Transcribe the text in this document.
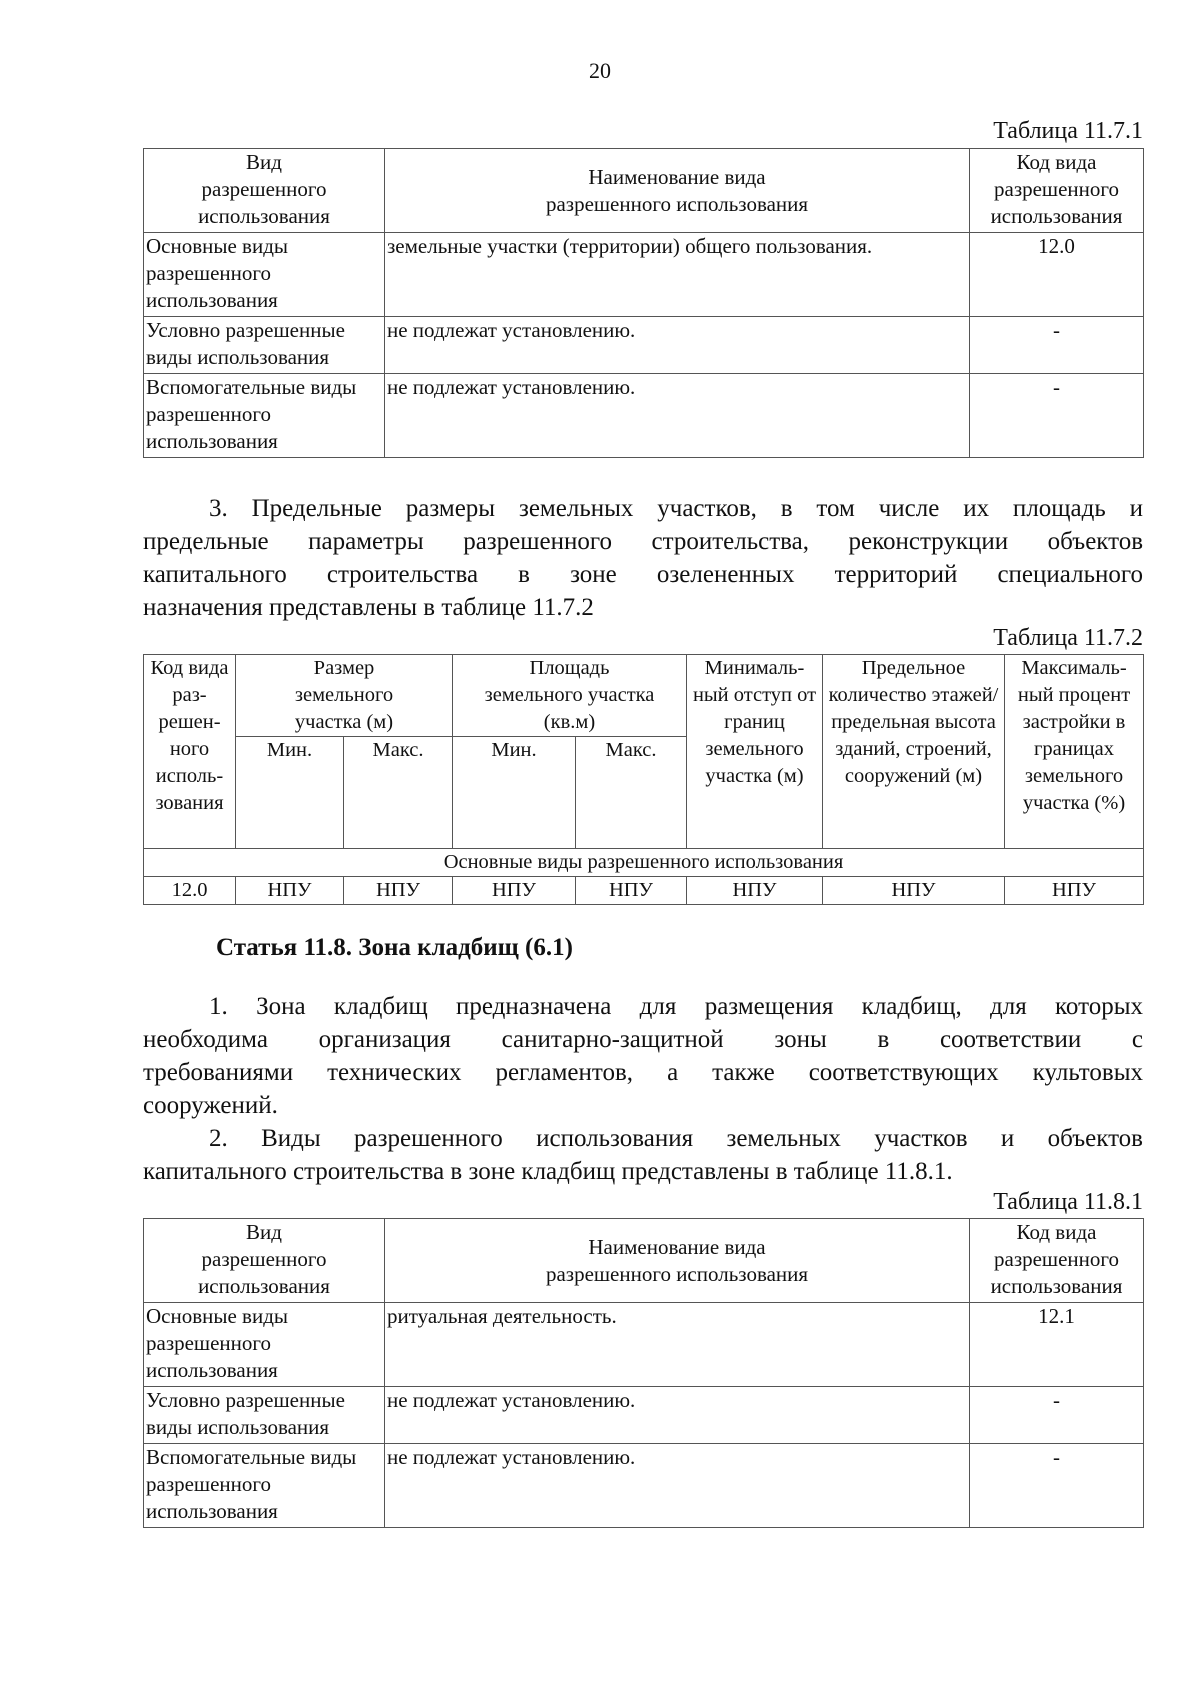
20
Таблица 11.7.1
Вид разрешенного использования	Наименование вида разрешенного использования	Код вида разрешенного использования
Основные виды разрешенного использования	земельные участки (территории) общего пользования.	12.0
Условно разрешенные виды использования	не подлежат установлению.	-
Вспомогательные виды разрешенного использования	не подлежат установлению.	-
3. Предельные размеры земельных участков, в том числе их площадь и
предельные параметры разрешенного строительства, реконструкции объектов
капитального строительства в зоне озелененных территорий специального
назначения представлены в таблице 11.7.2
Таблица 11.7.2
Код вида раз- решен- ного исполь- зования	Размер земельного участка (м)		Площадь земельного участка (кв.м)		Минималь- ный отступ от границ земельного участка (м)	Предельное количество этажей/ предельная высота зданий, строений, сооружений (м)	Максималь- ный процент застройки в границах земельного участка (%)
	Мин.	Макс.	Мин.	Макс.			
Основные виды разрешенного использования							
12.0	НПУ	НПУ	НПУ	НПУ	НПУ	НПУ	НПУ
Статья 11.8. Зона кладбищ (6.1)
1. Зона кладбищ предназначена для размещения кладбищ, для которых
необходима организация санитарно-защитной зоны в соответствии с
требованиями технических регламентов, а также соответствующих культовых
сооружений.
2. Виды разрешенного использования земельных участков и объектов
капитального строительства в зоне кладбищ представлены в таблице 11.8.1.
Таблица 11.8.1
Вид разрешенного использования	Наименование вида разрешенного использования	Код вида разрешенного использования
Основные виды разрешенного использования	ритуальная деятельность.	12.1
Условно разрешенные виды использования	не подлежат установлению.	-
Вспомогательные виды разрешенного использования	не подлежат установлению.	-
